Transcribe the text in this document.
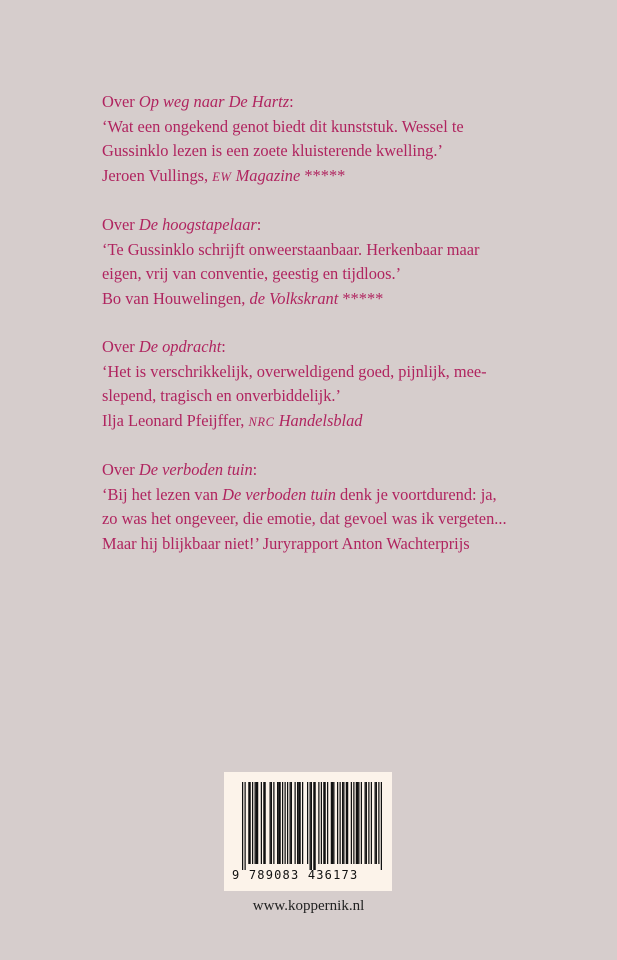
Over Op weg naar De Hartz:

‘Wat een ongekend genot biedt dit kunststuk. Wessel te

Gussinklo lezen is een zoete kluisterende kwelling.’

Jeroen Vullings, EW Magazine *****

Over De hoogstapelaar:

‘Te Gussinklo schrijft onweerstaanbaar. Herkenbaar maar

eigen, vrij van conventie, geestig en tijdloos.’

Bo van Houwelingen, de Volkskrant *****

Over De opdracht:

‘Het is verschrikkelijk, overweldigend goed, pijnlijk, mee-

slepend, tragisch en onverbiddelijk.’

Ilja Leonard Pfeijffer, NRC Handelsblad

Over De verboden tuin:

‘Bij het lezen van De verboden tuin denk je voortdurend: ja,

zo was het ongeveer, die emotie, dat gevoel was ik vergeten...

Maar hij blijkbaar niet!’ Juryrapport Anton Wachterprijs

9 789083 436173
www.koppernik.nl
